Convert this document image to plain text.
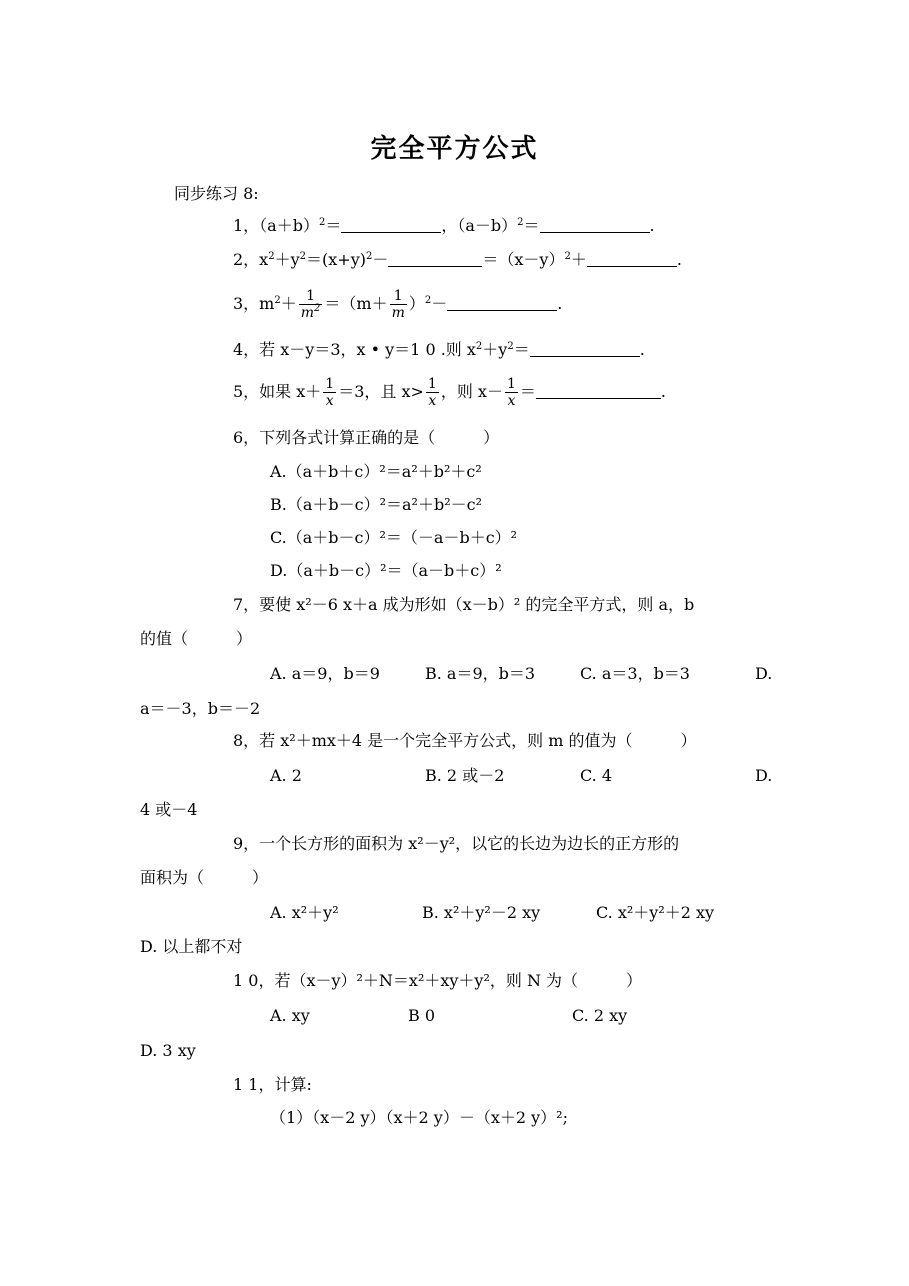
完全平方公式
同步练习 8:
1，$(a+b)^2=$	，$(a-b)^2=$	.
2，$x^2+y^2=(x+y)^2-$	$=(x-y)^2+$	.
3，$m^2+ \frac{1}{m^2} =(m+ \frac{1}{m} )^2-$	.
4，若 x－y＝3，x • y＝1 0 .则 $x^2+y^2=$	.
5，如果 $x+ \frac{1}{x} =3$，且 $x> \frac{1}{x}$ ，则 $x- \frac{1}{x}$ ＝	.
6，下列各式计算正确的是（　　　）
A.（a＋b＋c）²＝a²＋b²＋c²
B.（a＋b－c）²＝a²＋b²－c²
C.（a＋b－c）²＝（－a－b＋c）²
D.（a＋b－c）²＝（a－b＋c）²
7，要使 x²－6 x＋a 成为形如（x－b）² 的完全平方式，则 a，b
的值（　　　）
A. a＝9，b＝9	B. a＝9，b＝3	C. a＝3，b＝3	D.
a＝－3，b＝－2
8，若 x²＋mx＋4 是一个完全平方公式，则 m 的值为（　　　）
A. 2	B. 2 或－2	C. 4	D.
4 或－4
9，一个长方形的面积为 x²－y²，以它的长边为边长的正方形的
面积为（　　　）
A. x²＋y²	B. x²＋y²－2 xy	C. x²＋y²＋2 xy
D. 以上都不对
1 0，若（x－y）²＋N＝x²＋xy＋y²，则 N 为（　　　）
A. xy	B 0	C. 2 xy
D. 3 xy
1 1，计算:
（1）（x－2 y）（x＋2 y）－（x＋2 y）²;
